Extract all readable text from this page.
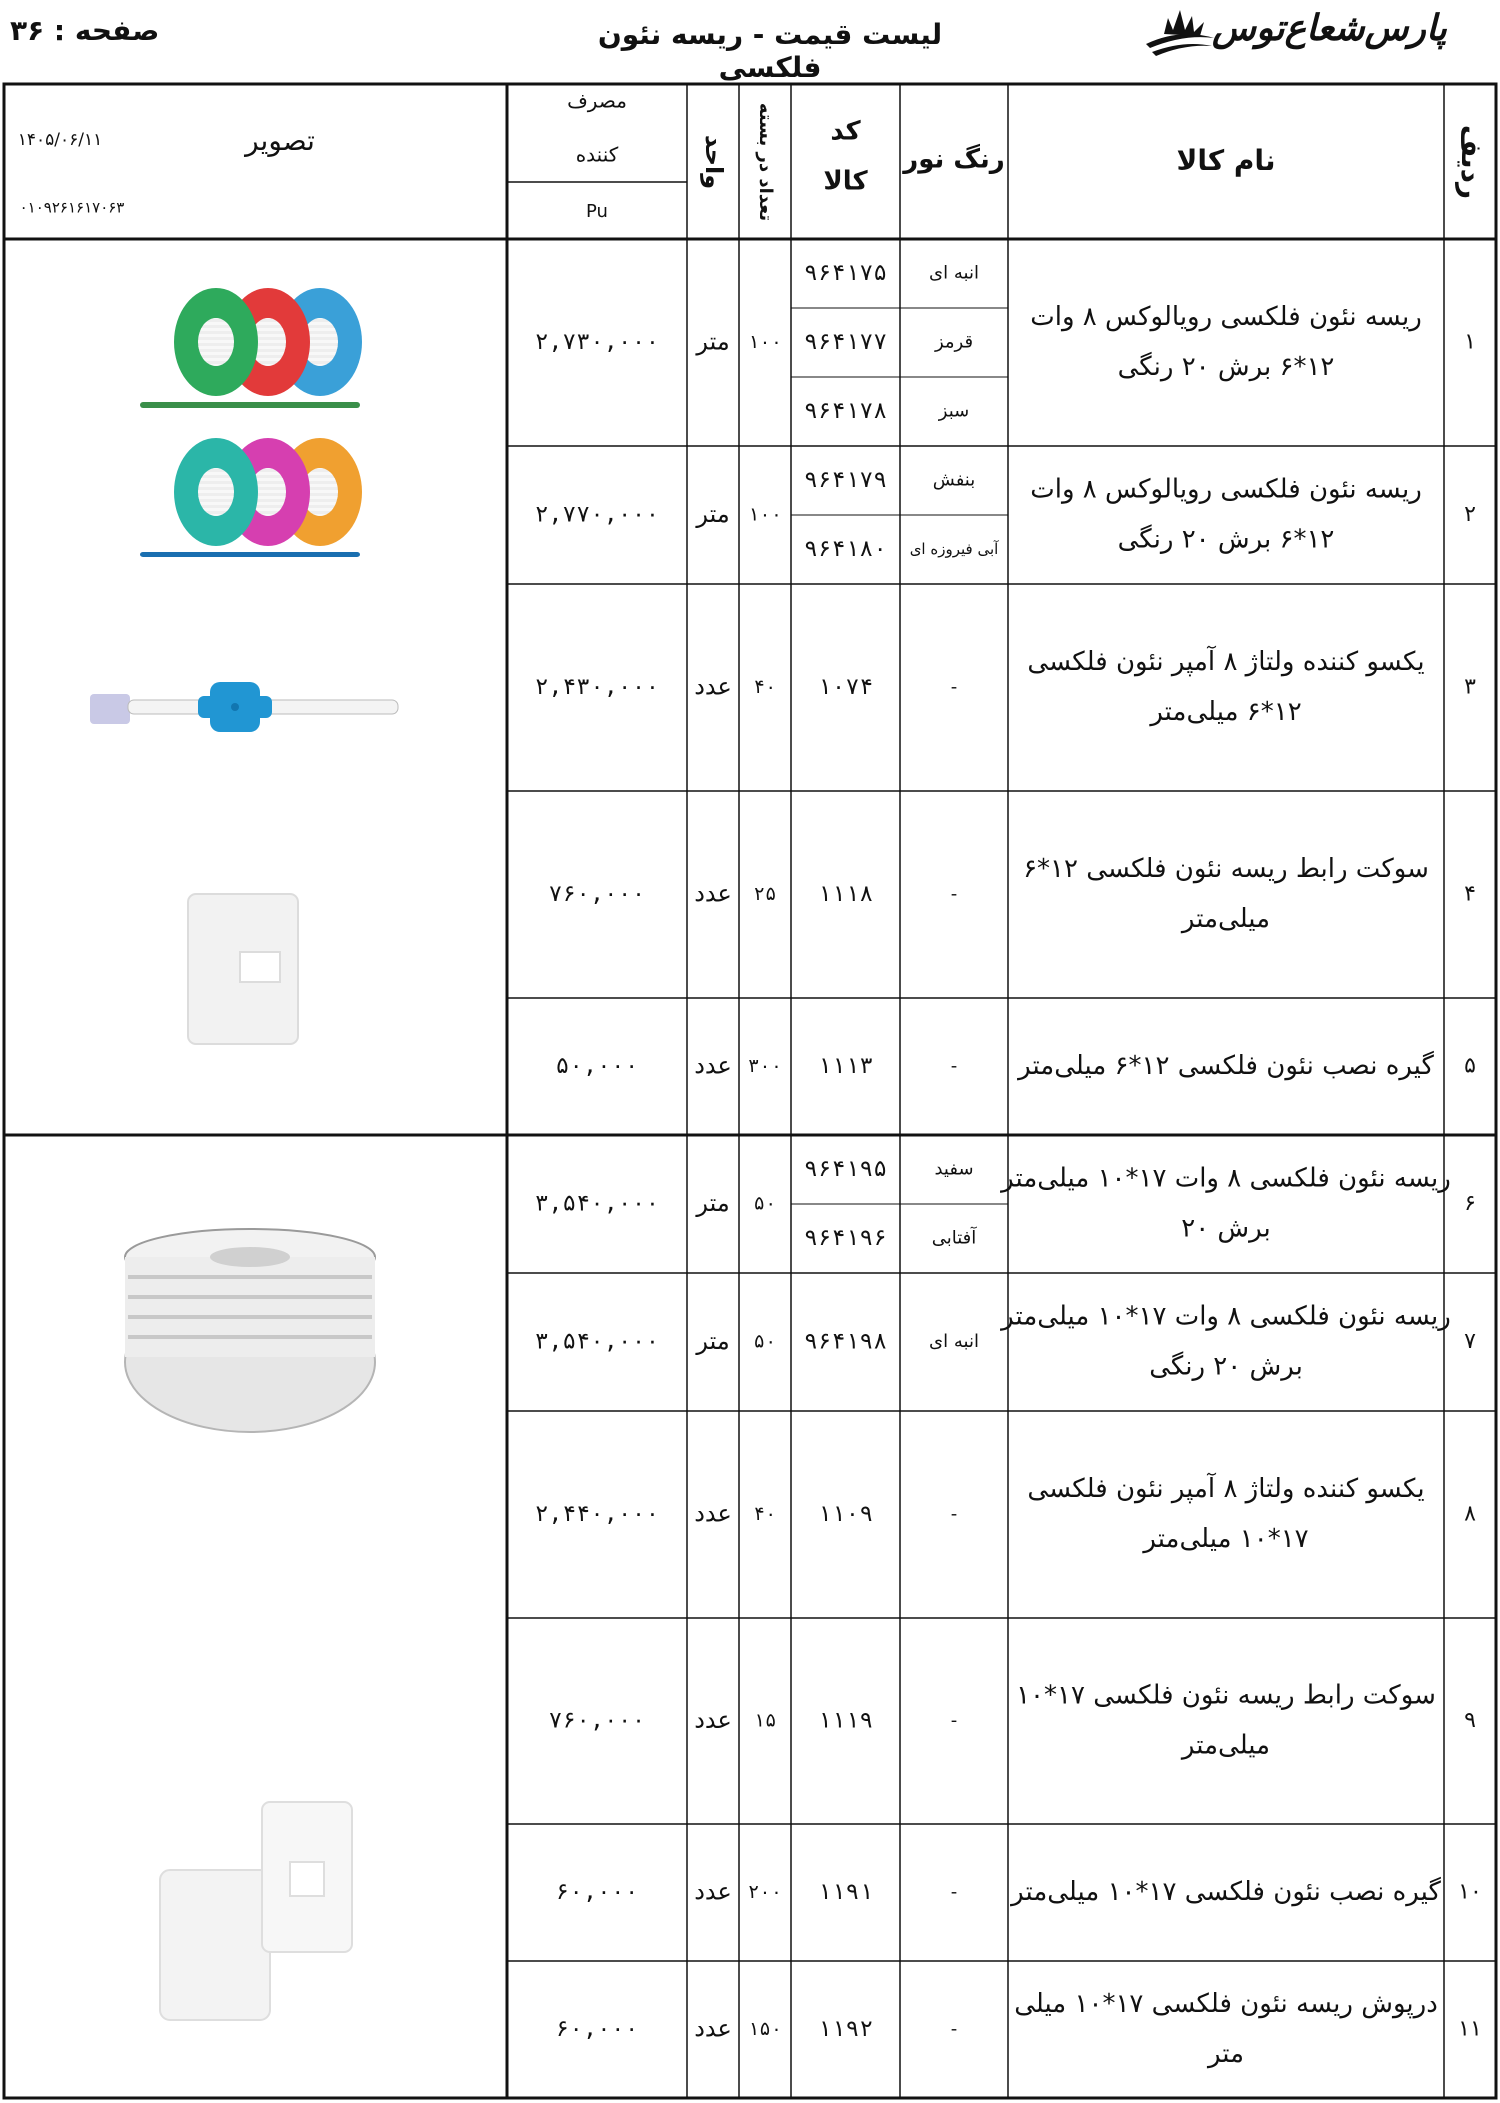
صفحه : ۳۶	لیست قیمت - ریسه نئون فلکسی
پارس‌شعاع‌توس
ردیف
نام کالا
رنگ نور
کد
کالا
تعداد در بسته
واحد
مصرف
کننده
Pu
تصویر
۱۴۰۵/۰۶/۱۱
۰۱۰۹۲۶۱۶۱۷۰۶۳
۱
ریسه نئون فلکسی رویالوکس ۸ وات
۱۲*۶ برش ۲۰ رنگی
انبه ای
۹۶۴۱۷۵
قرمز
۹۶۴۱۷۷
سبز
۹۶۴۱۷۸
۱۰۰
متر
۲,۷۳۰,۰۰۰
۲
ریسه نئون فلکسی رویالوکس ۸ وات
۱۲*۶ برش ۲۰ رنگی
بنفش
۹۶۴۱۷۹
آبی فیروزه ای
۹۶۴۱۸۰
۱۰۰
متر
۲,۷۷۰,۰۰۰
۳
یکسو کننده ولتاژ ۸ آمپر نئون فلکسی
۱۲*۶ میلی‌متر
-
۱۰۷۴
۴۰
عدد
۲,۴۳۰,۰۰۰
۴
سوکت رابط ریسه نئون فلکسی ۱۲*۶
میلی‌متر
-
۱۱۱۸
۲۵
عدد
۷۶۰,۰۰۰
۵
گیره نصب نئون فلکسی ۱۲*۶ میلی‌متر
-
۱۱۱۳
۳۰۰
عدد
۵۰,۰۰۰
۶
ریسه نئون فلکسی ۸ وات ۱۷*۱۰ میلی‌متر
برش ۲۰
سفید
۹۶۴۱۹۵
آفتابی
۹۶۴۱۹۶
۵۰
متر
۳,۵۴۰,۰۰۰
۷
ریسه نئون فلکسی ۸ وات ۱۷*۱۰ میلی‌متر
برش ۲۰ رنگی
انبه ای
۹۶۴۱۹۸
۵۰
متر
۳,۵۴۰,۰۰۰
۸
یکسو کننده ولتاژ ۸ آمپر نئون فلکسی
۱۷*۱۰ میلی‌متر
-
۱۱۰۹
۴۰
عدد
۲,۴۴۰,۰۰۰
۹
سوکت رابط ریسه نئون فلکسی ۱۷*۱۰
میلی‌متر
-
۱۱۱۹
۱۵
عدد
۷۶۰,۰۰۰
۱۰
گیره نصب نئون فلکسی ۱۷*۱۰ میلی‌متر
-
۱۱۹۱
۲۰۰
عدد
۶۰,۰۰۰
۱۱
درپوش ریسه نئون فلکسی ۱۷*۱۰ میلی
متر
-
۱۱۹۲
۱۵۰
عدد
۶۰,۰۰۰
